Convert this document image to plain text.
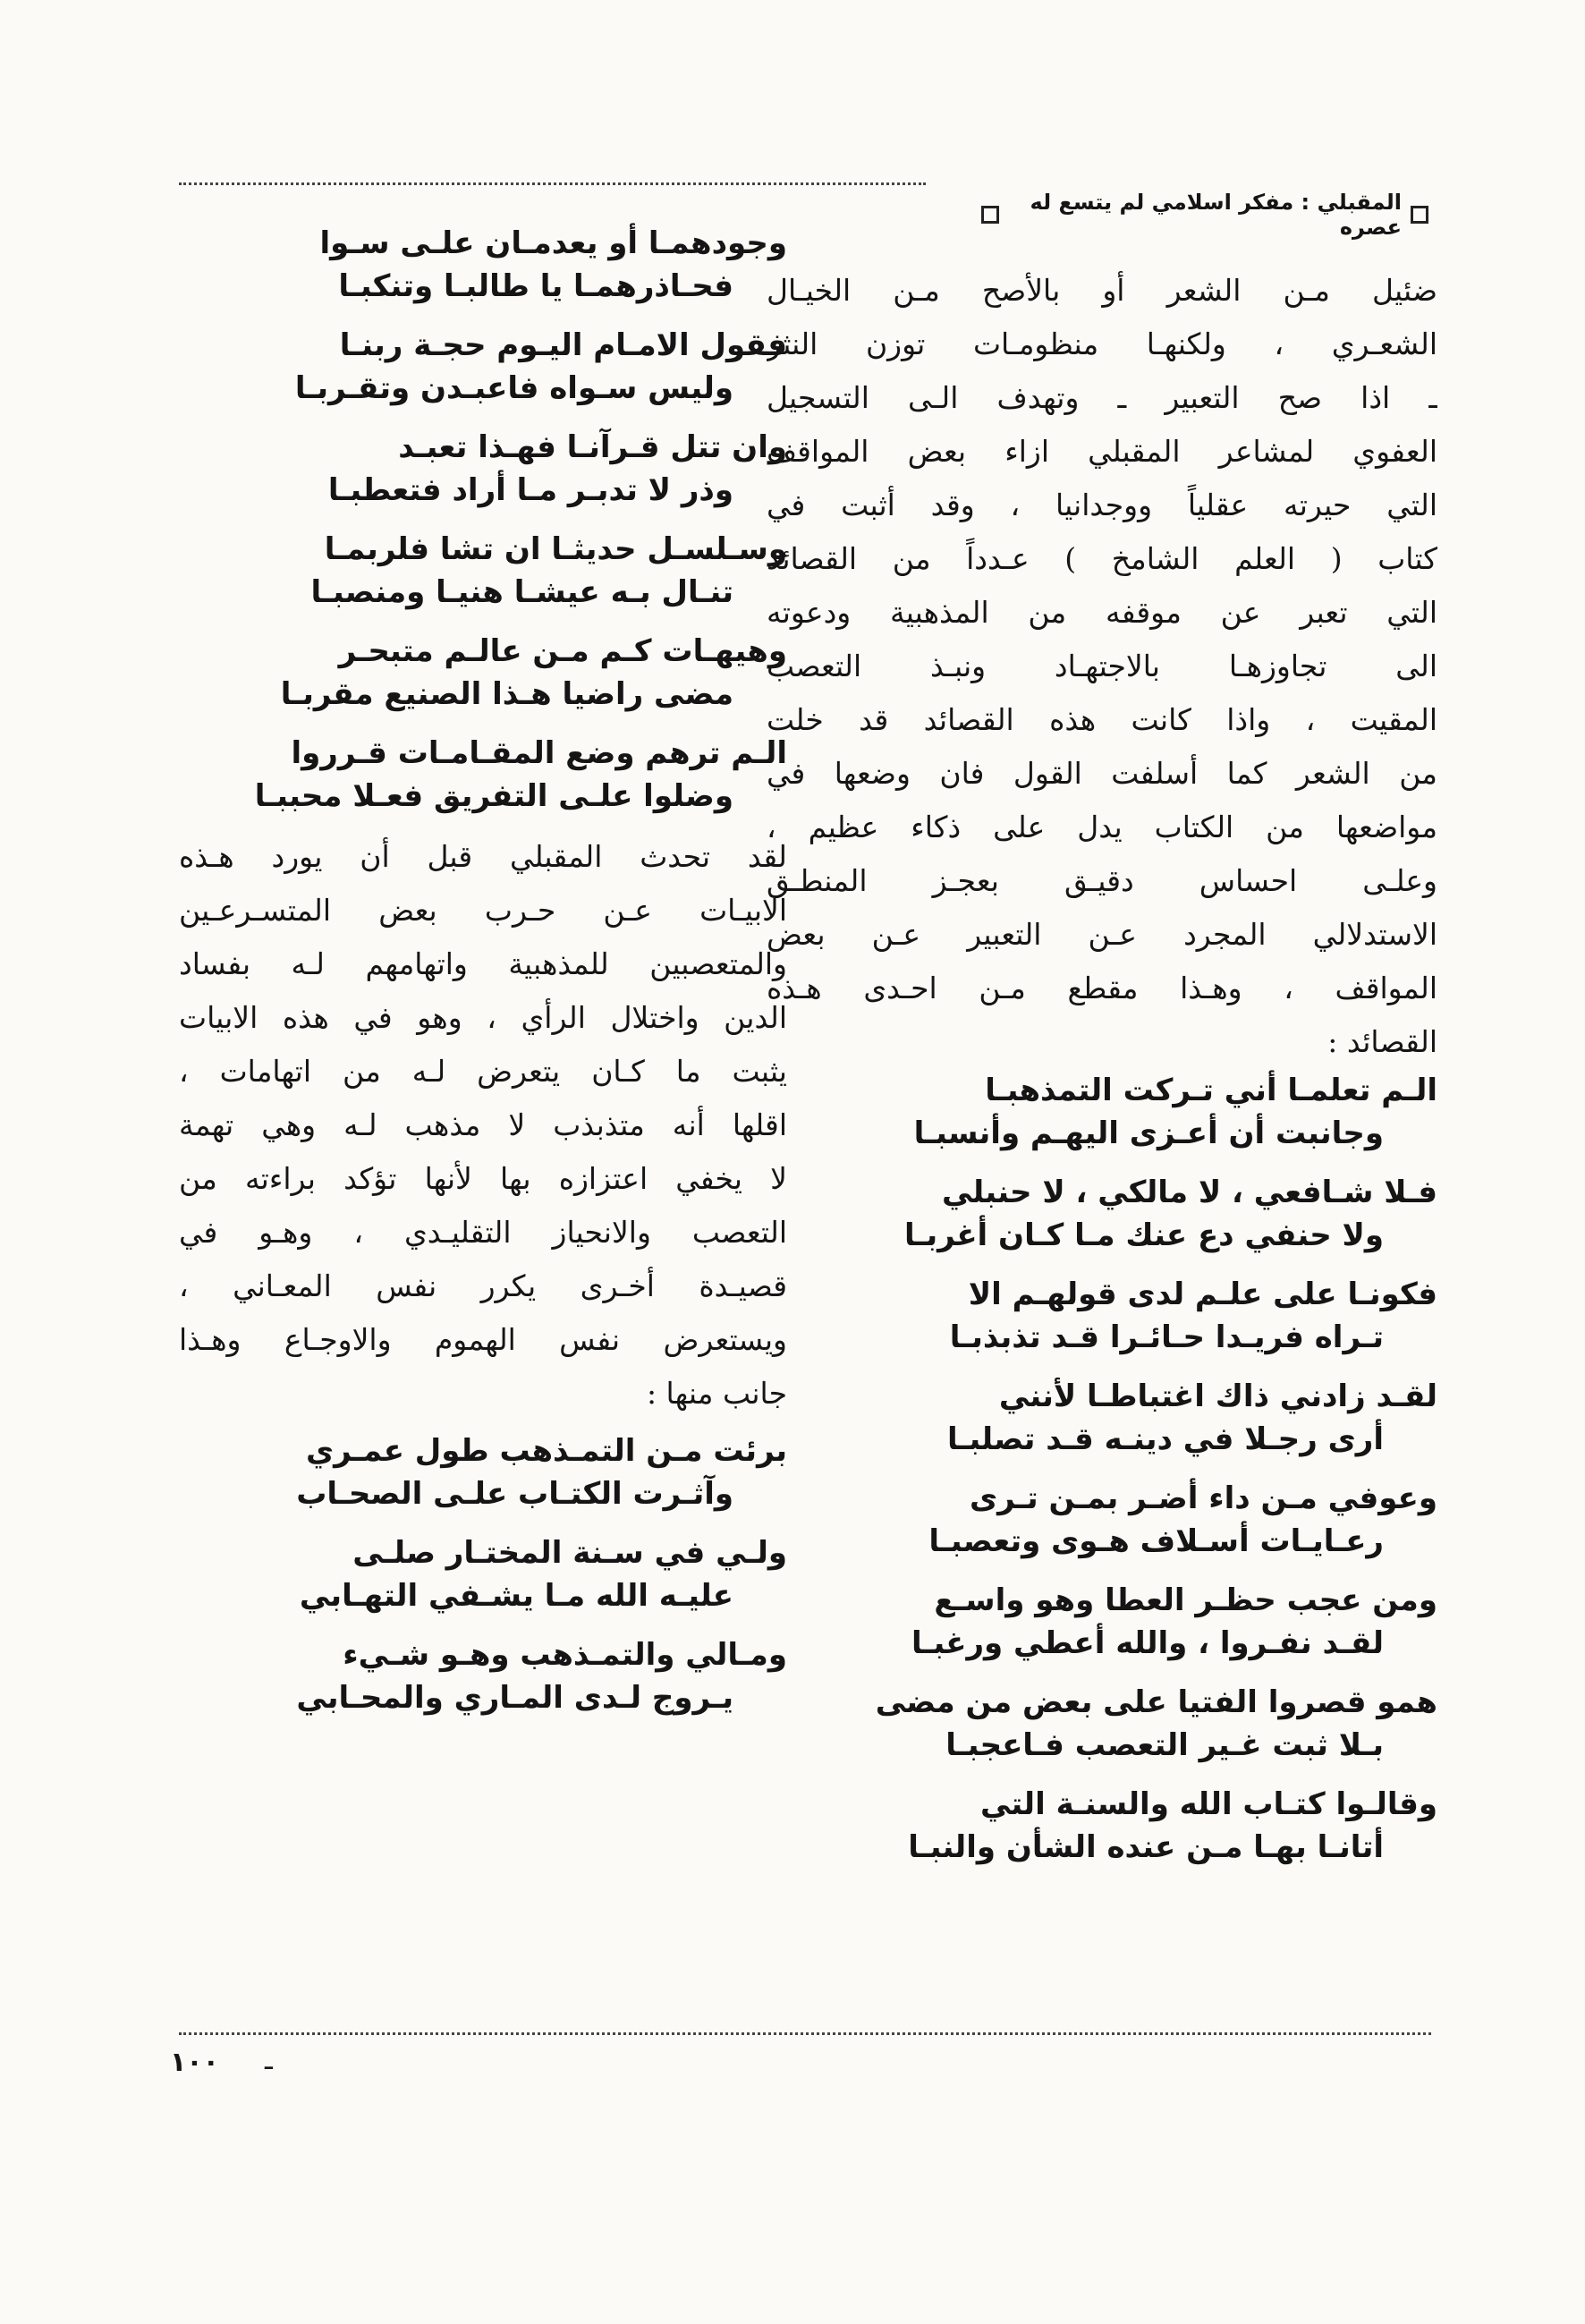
المقبلي : مفكر اسلامي لم يتسع له عصره
ضئيل مـن الشعر أو بالأصح مـن الخيـال
الشعـري ، ولكنهـا منظومـات توزن النثر
ـ اذا صح التعبير ـ وتهدف الـى التسجيل
العفوي لمشاعر المقبلي ازاء بعض المواقف
التي حيرته عقلياً ووجدانيا ، وقد أثبت في
كتاب ( العلم الشامخ ) عـدداً من القصائد
التي تعبر عن موقفه من المذهبية ودعوته
الى تجاوزهـا بالاجتهـاد ونبـذ التعصب
المقيت ، واذا كانت هذه القصائد قد خلت
من الشعر كما أسلفت القول فان وضعها في
مواضعها من الكتاب يدل على ذكاء عظيم ،
وعلـى احساس دقيـق بعجـز المنطـق
الاستدلالي المجرد عـن التعبير عـن بعض
المواقف ، وهـذا مقطع مـن احـدى هـذه
القصائد :
الـم تعلمـا أني تـركت التمذهبـا
وجانبت أن أعـزى اليهـم وأنسبـا
فـلا شـافعي ، لا مالكي ، لا حنبلي
ولا حنفي دع عنك مـا كـان أغربـا
فكونـا على علـم لدى قولهـم الا
تـراه فريـدا حـائـرا قـد تذبذبـا
لقـد زادني ذاك اغتباطـا لأنني
أرى رجـلا في دينـه قـد تصلبـا
وعوفي مـن داء أضـر بمـن تـرى
رعـايـات أسـلاف هـوى وتعصبـا
ومن عجب حظـر العطا وهو واسـع
لقـد نفـروا ، والله أعطي ورغبـا
همو قصروا الفتيا على بعض من مضى
بـلا ثبت غـير التعصب فـاعجبـا
وقالـوا كتـاب الله والسنـة التي
أتانـا بهـا مـن عنده الشأن والنبـا
وجودهمـا أو يعدمـان علـى سـوا
فحـاذرهمـا يا طالبـا وتنكبـا
فقول الامـام اليـوم حجـة ربنـا
وليس سـواه فاعبـدن وتقـربـا
وان تتل قـرآنـا فهـذا تعبـد
وذر لا تدبـر مـا أراد فتعطبـا
وسـلسـل حديثـا ان تشا فلربمـا
تنـال بـه عيشـا هنيـا ومنصبـا
وهيهـات كـم مـن عالـم متبحـر
مضى راضيا هـذا الصنيع مقربـا
الـم ترهم وضع المقـامـات قـرروا
وضلوا علـى التفريق فعـلا محببـا
لقد تحدث المقبلي قبل أن يورد هـذه
الابيـات عـن حـرب بعض المتسـرعـين
والمتعصبين للمذهبية واتهامهم لـه بفساد
الدين واختلال الرأي ، وهو في هذه الابيات
يثبت ما كـان يتعرض لـه من اتهامات ،
اقلها أنه متذبذب لا مذهب لـه وهي تهمة
لا يخفي اعتزازه بها لأنها تؤكد براءته من
التعصب والانحياز التقليـدي ، وهـو في
قصيـدة أخـرى يكرر نفس المعـاني ،
ويستعرض نفس الهموم والاوجـاع وهـذا
جانب منها :
برئت مـن التمـذهب طول عمـري
وآثـرت الكتـاب علـى الصحـاب
ولـي في سـنة المختـار صلـى
عليـه الله مـا يشـفي التهـابي
ومـالي والتمـذهب وهـو شـيء
يـروج لـدى المـاري والمحـابي
١٠٠ ـ
